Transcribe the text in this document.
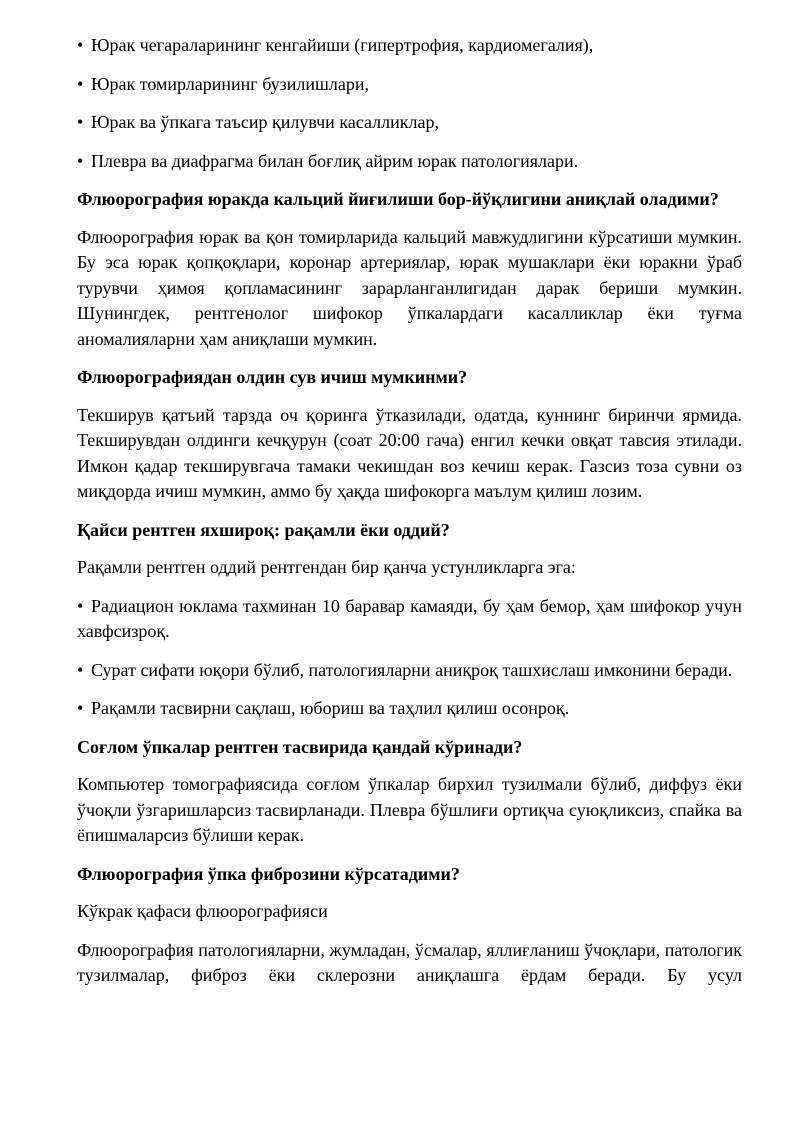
• Юрак чегараларининг кенгайиши (гипертрофия, кардиомегалия),

• Юрак томирларининг бузилишлари,

• Юрак ва ўпкага таъсир қилувчи касалликлар,

• Плевра ва диафрагма билан боғлиқ айрим юрак патологиялари.

Флюорография юракда кальций йиғилиши бор-йўқлигини аниқлай оладими?

Флюорография юрак ва қон томирларида кальций мавжудлигини кўрсатиши мумкин. Бу эса юрак қопқоқлари, коронар артериялар, юрак мушаклари ёки юракни ўраб турувчи ҳимоя қопламасининг зарарланганлигидан дарак бериши мумкин. Шунингдек, рентгенолог шифокор ўпкалардаги касалликлар ёки туғма аномалияларни ҳам аниқлаши мумкин.

Флюорографиядан олдин сув ичиш мумкинми?

Текширув қатъий тарзда оч қоринга ўтказилади, одатда, куннинг биринчи ярмида. Текширувдан олдинги кечқурун (соат 20:00 гача) енгил кечки овқат тавсия этилади. Имкон қадар текширувгача тамаки чекишдан воз кечиш керак. Газсиз тоза сувни оз миқдорда ичиш мумкин, аммо бу ҳақда шифокорга маълум қилиш лозим.

Қайси рентген яхшироқ: рақамли ёки оддий?

Рақамли рентген оддий рентгендан бир қанча устунликларга эга:

• Радиацион юклама тахминан 10 баравар камаяди, бу ҳам бемор, ҳам шифокор учун хавфсизроқ.

• Сурат сифати юқори бўлиб, патологияларни аниқроқ ташхислаш имконини беради.

• Рақамли тасвирни сақлаш, юбориш ва таҳлил қилиш осонроқ.

Соғлом ўпкалар рентген тасвирида қандай кўринади?

Компьютер томографиясида соғлом ўпкалар бирхил тузилмали бўлиб, диффуз ёки ўчоқли ўзгаришларсиз тасвирланади. Плевра бўшлиғи ортиқча суюқликсиз, спайка ва ёпишмаларсиз бўлиши керак.

Флюорография ўпка фиброзини кўрсатадими?

Кўкрак қафаси флюорографияси

Флюорография патологияларни, жумладан, ўсмалар, яллиғланиш ўчоқлари, патологик тузилмалар, фиброз ёки склерозни аниқлашга ёрдам беради. Бу усул
